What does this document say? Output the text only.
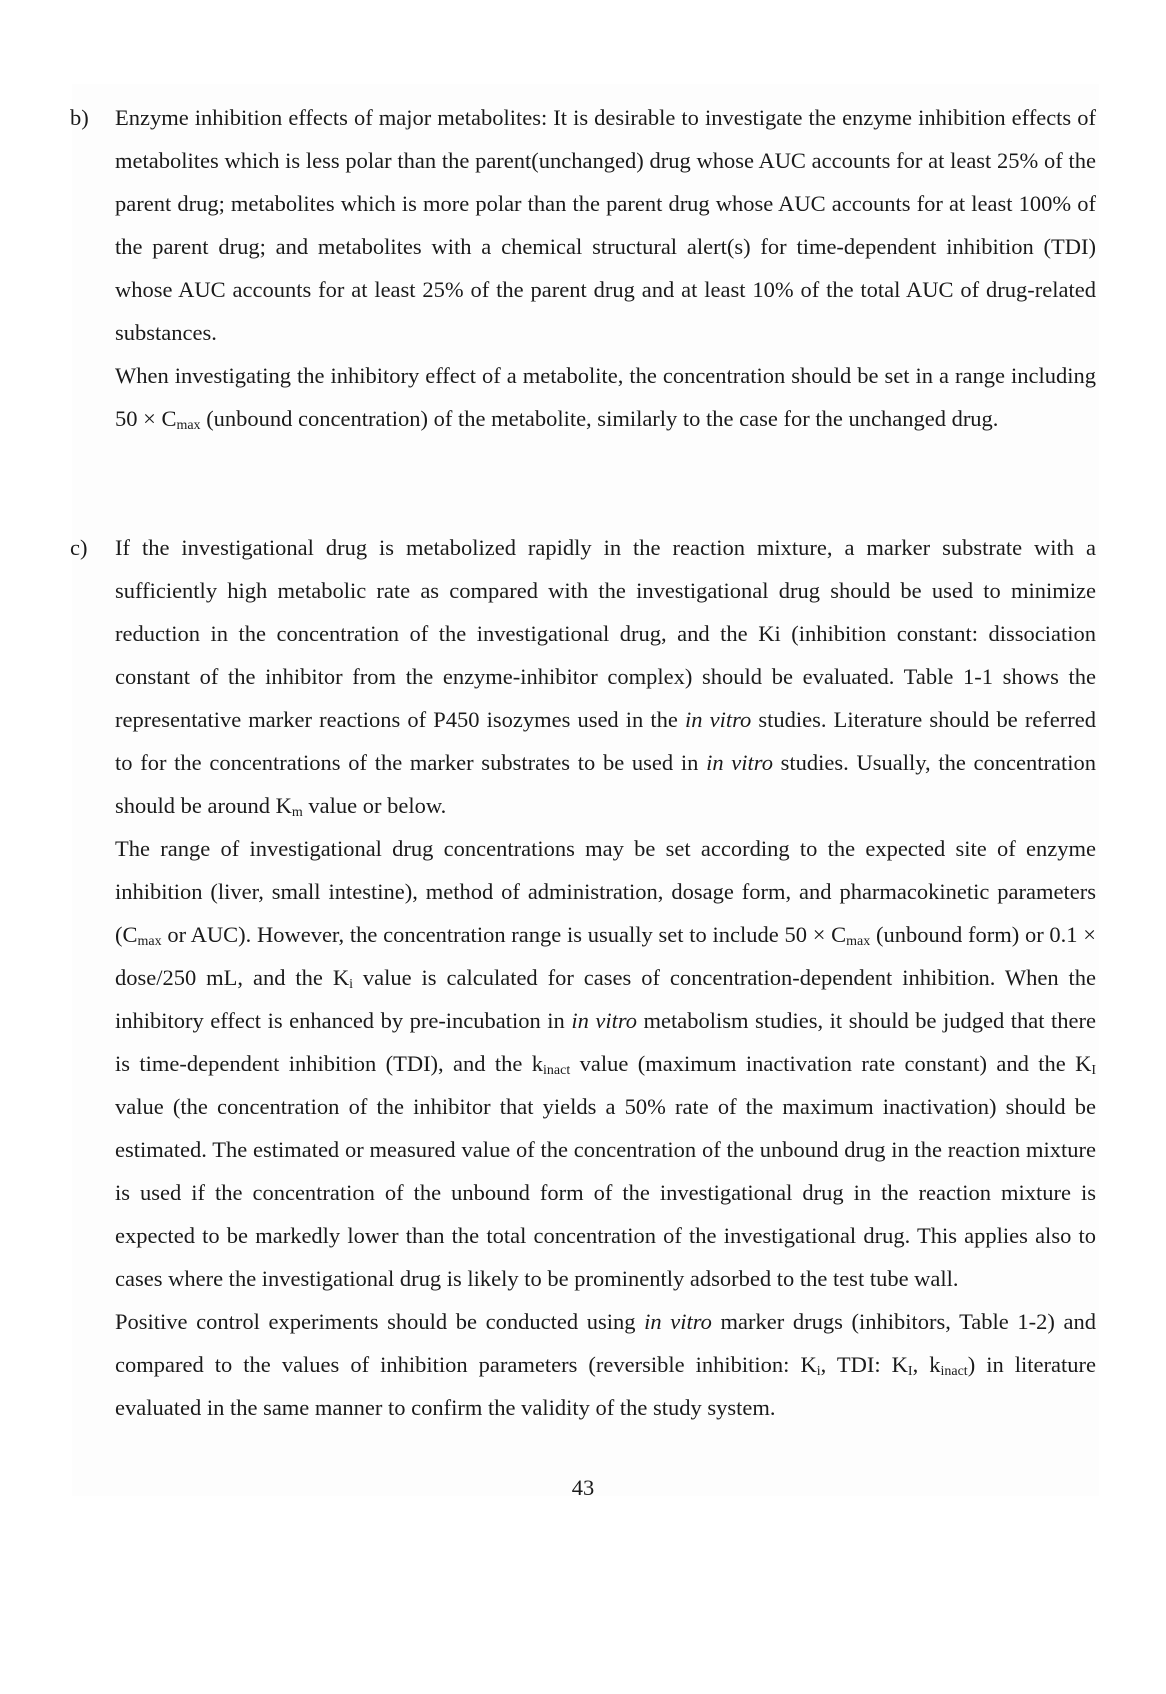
b) Enzyme inhibition effects of major metabolites: It is desirable to investigate the enzyme inhibition effects of metabolites which is less polar than the parent(unchanged) drug whose AUC accounts for at least 25% of the parent drug; metabolites which is more polar than the parent drug whose AUC accounts for at least 100% of the parent drug; and metabolites with a chemical structural alert(s) for time-dependent inhibition (TDI) whose AUC accounts for at least 25% of the parent drug and at least 10% of the total AUC of drug-related substances.

When investigating the inhibitory effect of a metabolite, the concentration should be set in a range including $50 \times C_{max}$ (unbound concentration) of the metabolite, similarly to the case for the unchanged drug.

c) If the investigational drug is metabolized rapidly in the reaction mixture, a marker substrate with a sufficiently high metabolic rate as compared with the investigational drug should be used to minimize reduction in the concentration of the investigational drug, and the Ki (inhibition constant: dissociation constant of the inhibitor from the enzyme-inhibitor complex) should be evaluated. Table 1-1 shows the representative marker reactions of P450 isozymes used in the in vitro studies. Literature should be referred to for the concentrations of the marker substrates to be used in in vitro studies. Usually, the concentration should be around $K_m$ value or below.

The range of investigational drug concentrations may be set according to the expected site of enzyme inhibition (liver, small intestine), method of administration, dosage form, and pharmacokinetic parameters ($C_{max}$ or AUC). However, the concentration range is usually set to include $50 \times C_{max}$ (unbound form) or 0.1 × dose/250 mL, and the $K_i$ value is calculated for cases of concentration-dependent inhibition. When the inhibitory effect is enhanced by pre-incubation in in vitro metabolism studies, it should be judged that there is time-dependent inhibition (TDI), and the $k_{inact}$ value (maximum inactivation rate constant) and the $K_I$ value (the concentration of the inhibitor that yields a 50% rate of the maximum inactivation) should be estimated. The estimated or measured value of the concentration of the unbound drug in the reaction mixture is used if the concentration of the unbound form of the investigational drug in the reaction mixture is expected to be markedly lower than the total concentration of the investigational drug. This applies also to cases where the investigational drug is likely to be prominently adsorbed to the test tube wall.

Positive control experiments should be conducted using in vitro marker drugs (inhibitors, Table 1-2) and compared to the values of inhibition parameters (reversible inhibition: $K_i$, TDI: $K_I$, $k_{inact}$) in literature evaluated in the same manner to confirm the validity of the study system.

43
